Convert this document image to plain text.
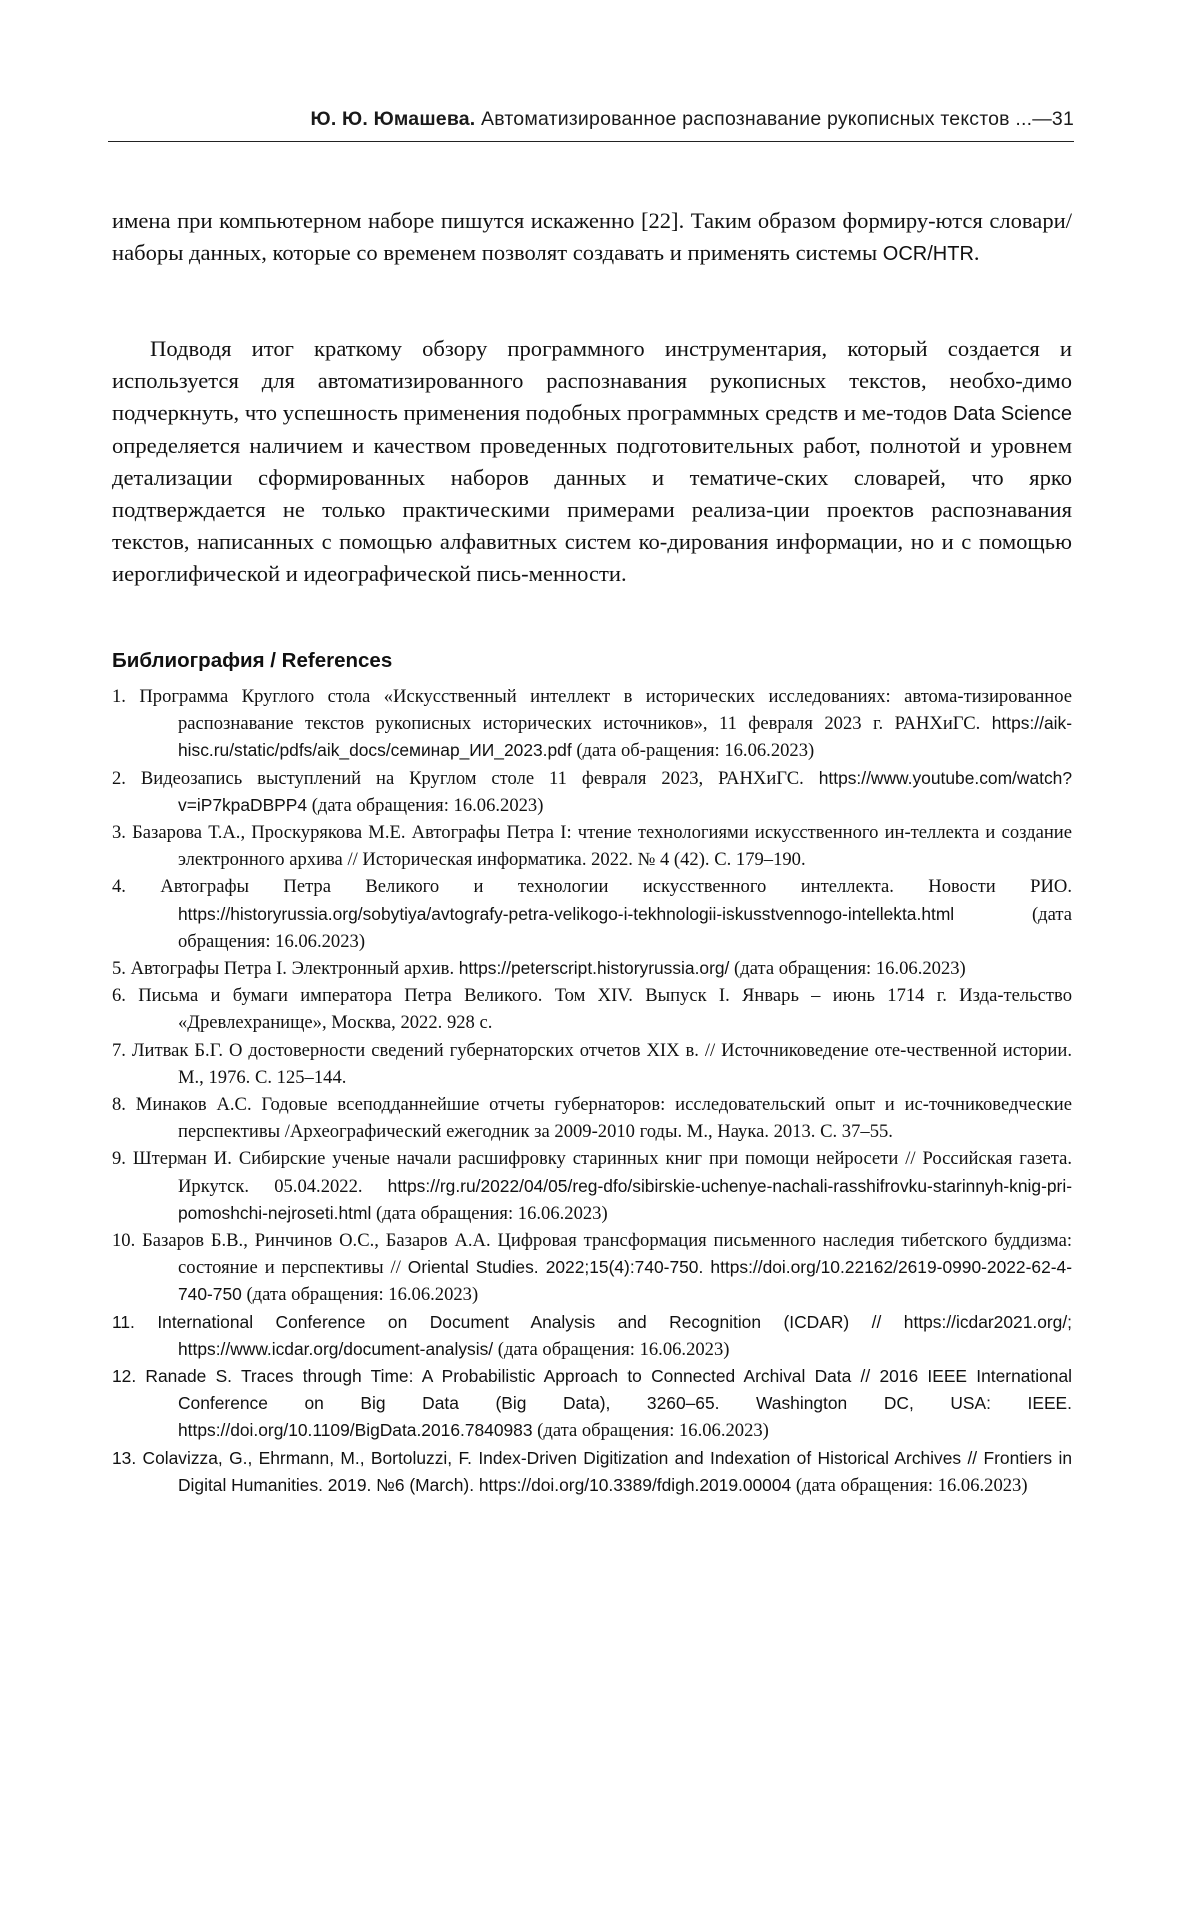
Ю. Ю. Юмашева. Автоматизированное распознавание рукописных текстов ...—31
имена при компьютерном наборе пишутся искаженно [22]. Таким образом формиру-ются словари/наборы данных, которые со временем позволят создавать и применять системы OCR/HTR.
Подводя итог краткому обзору программного инструментария, который создается и используется для автоматизированного распознавания рукописных текстов, необхо-димо подчеркнуть, что успешность применения подобных программных средств и ме-тодов Data Science определяется наличием и качеством проведенных подготовительных работ, полнотой и уровнем детализации сформированных наборов данных и тематиче-ских словарей, что ярко подтверждается не только практическими примерами реализа-ции проектов распознавания текстов, написанных с помощью алфавитных систем ко-дирования информации, но и с помощью иероглифической и идеографической пись-менности.
Библиография / References
1. Программа Круглого стола «Искусственный интеллект в исторических исследованиях: автома-тизированное распознавание текстов рукописных исторических источников», 11 февраля 2023 г. РАНХиГС. https://aik-hisc.ru/static/pdfs/aik_docs/семинар_ИИ_2023.pdf (дата об-ращения: 16.06.2023)
2. Видеозапись выступлений на Круглом столе 11 февраля 2023, РАНХиГС. https://www.youtube.com/watch?v=iP7kpaDBPP4 (дата обращения: 16.06.2023)
3. Базарова Т.А., Проскурякова М.Е. Автографы Петра I: чтение технологиями искусственного ин-теллекта и создание электронного архива // Историческая информатика. 2022. № 4 (42). С. 179–190.
4. Автографы Петра Великого и технологии искусственного интеллекта. Новости РИО. https://historyrussia.org/sobytiya/avtografy-petra-velikogo-i-tekhnologii-iskusstvennogo-intellekta.html (дата обращения: 16.06.2023)
5. Автографы Петра I. Электронный архив. https://peterscript.historyrussia.org/ (дата обращения: 16.06.2023)
6. Письма и бумаги императора Петра Великого. Том XIV. Выпуск I. Январь – июнь 1714 г. Изда-тельство «Древлехранище», Москва, 2022. 928 с.
7. Литвак Б.Г. О достоверности сведений губернаторских отчетов XIX в. // Источниковедение оте-чественной истории. М., 1976. С. 125–144.
8. Минаков А.С. Годовые всеподданнейшие отчеты губернаторов: исследовательский опыт и ис-точниковедческие перспективы /Археографический ежегодник за 2009-2010 годы. М., Наука. 2013. С. 37–55.
9. Штерман И. Сибирские ученые начали расшифровку старинных книг при помощи нейросети // Российская газета. Иркутск. 05.04.2022. https://rg.ru/2022/04/05/reg-dfo/sibirskie-uchenye-nachali-rasshifrovku-starinnyh-knig-pri-pomoshchi-nejroseti.html (дата обращения: 16.06.2023)
10. Базаров Б.В., Ринчинов О.С., Базаров А.А. Цифровая трансформация письменного наследия тибетского буддизма: состояние и перспективы // Oriental Studies. 2022;15(4):740-750. https://doi.org/10.22162/2619-0990-2022-62-4-740-750 (дата обращения: 16.06.2023)
11. International Conference on Document Analysis and Recognition (ICDAR) // https://icdar2021.org/; https://www.icdar.org/document-analysis/ (дата обращения: 16.06.2023)
12. Ranade S. Traces through Time: A Probabilistic Approach to Connected Archival Data // 2016 IEEE International Conference on Big Data (Big Data), 3260–65. Washington DC, USA: IEEE. https://doi.org/10.1109/BigData.2016.7840983 (дата обращения: 16.06.2023)
13. Colavizza, G., Ehrmann, M., Bortoluzzi, F. Index-Driven Digitization and Indexation of Historical Archives // Frontiers in Digital Humanities. 2019. №6 (March). https://doi.org/10.3389/fdigh.2019.00004 (дата обращения: 16.06.2023)
